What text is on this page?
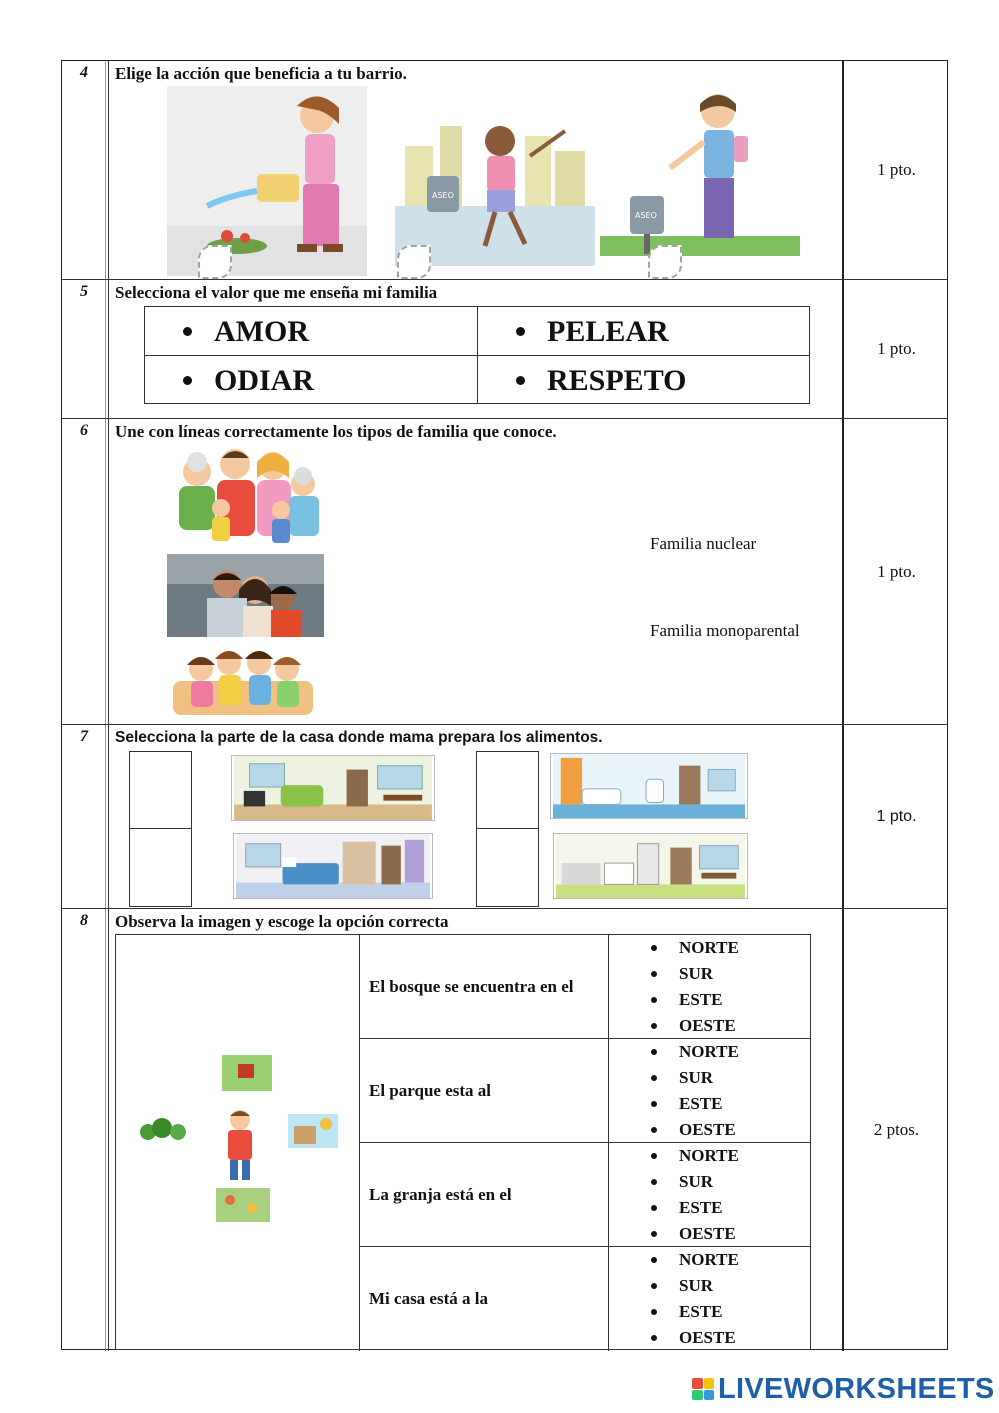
4 Elige la acción que beneficia a tu barrio.
ASEO
ASEO
1 pto.
5 Selecciona el valor que me enseña mi familia
AMOR	PELEAR
ODIAR	RESPETO
1 pto.
6 Une con líneas correctamente los tipos de familia que conoce.
Familia nuclear
Familia monoparental
1 pto.
7 Selecciona la parte de la casa donde mama prepara los alimentos.
1 pto.
8 Observa la imagen y escoge la opción correcta
El bosque se encuentra en el
El parque esta al
La granja está en el
Mi casa está a la
NORTE
SUR
ESTE
OESTE
NORTE
SUR
ESTE
OESTE
NORTE
SUR
ESTE
OESTE
NORTE
SUR
ESTE
OESTE
2 ptos.
LIVEWORKSHEETS
